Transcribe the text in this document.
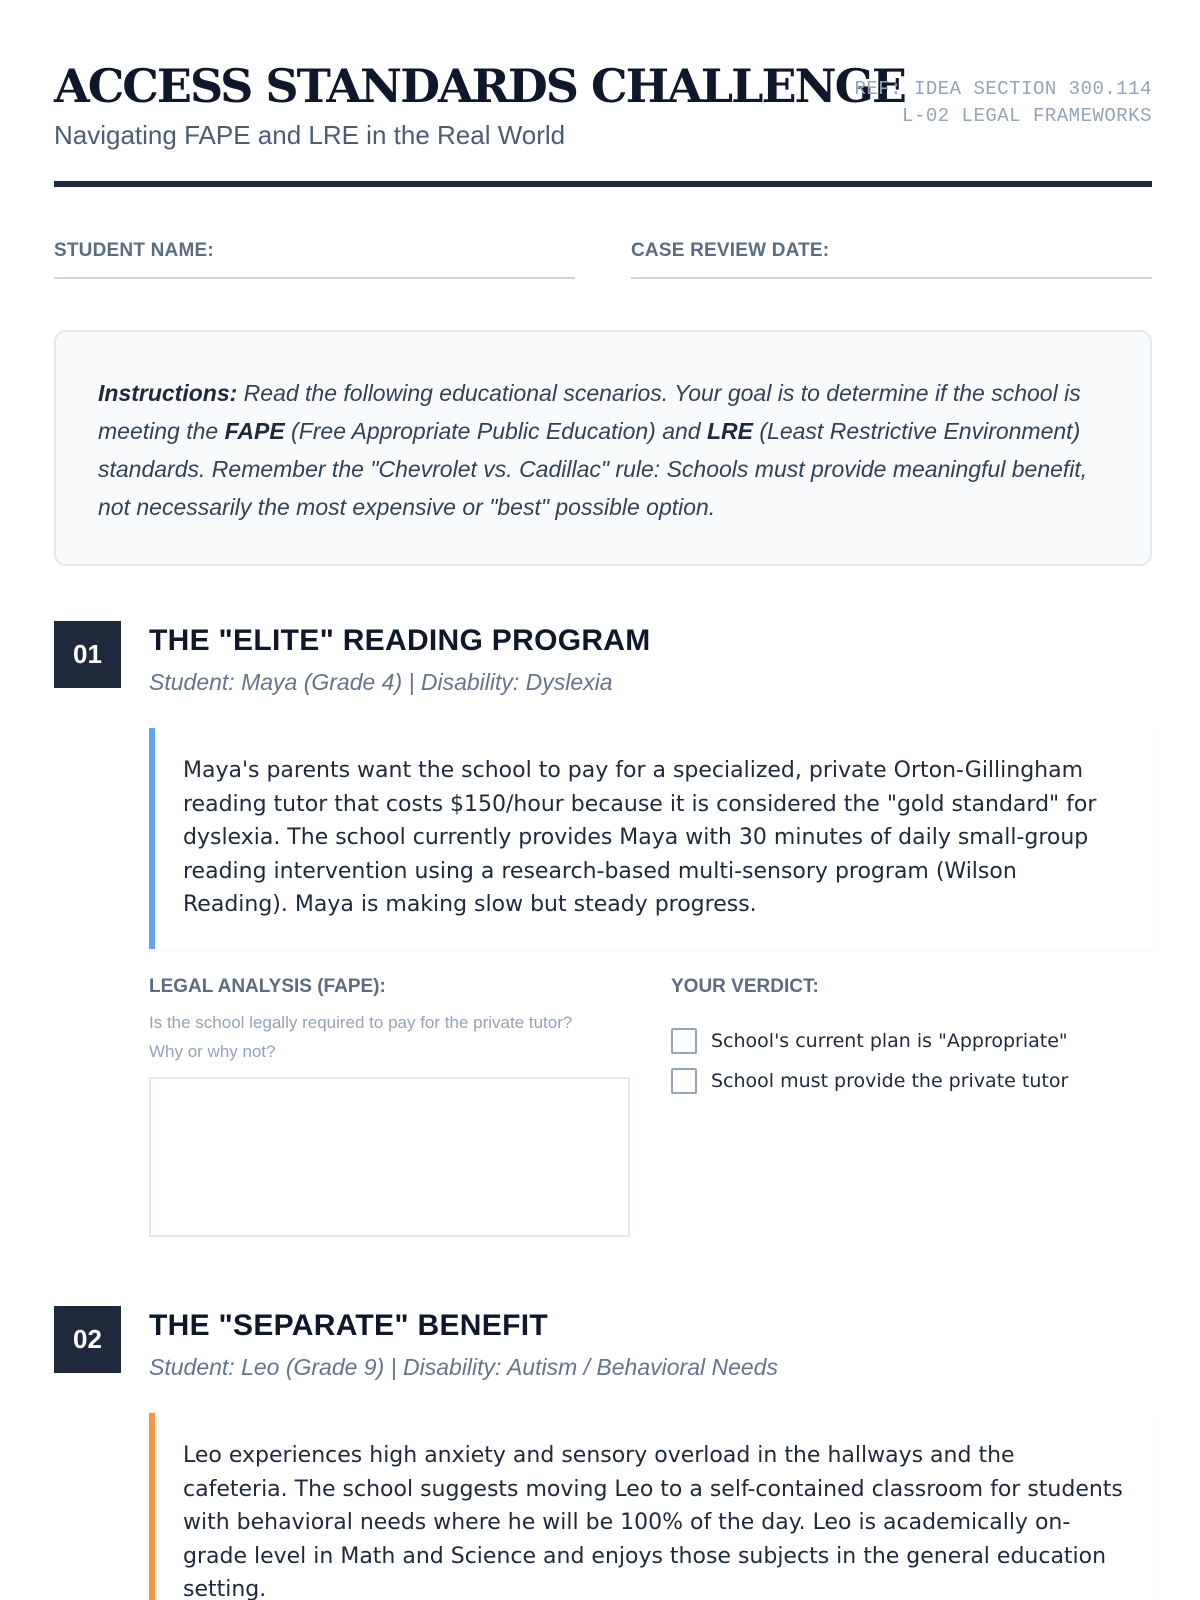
ACCESS STANDARDS CHALLENGE
Navigating FAPE and LRE in the Real World
REF: IDEA SECTION 300.114
L-02 LEGAL FRAMEWORKS
STUDENT NAME:	CASE REVIEW DATE:
Instructions: Read the following educational scenarios. Your goal is to determine if the school is meeting the FAPE (Free Appropriate Public Education) and LRE (Least Restrictive Environment) standards. Remember the "Chevrolet vs. Cadillac" rule: Schools must provide meaningful benefit, not necessarily the most expensive or "best" possible option.
01	THE "ELITE" READING PROGRAM
Student: Maya (Grade 4) | Disability: Dyslexia
Maya's parents want the school to pay for a specialized, private Orton-Gillingham reading tutor that costs $150/hour because it is considered the "gold standard" for dyslexia. The school currently provides Maya with 30 minutes of daily small-group reading intervention using a research-based multi-sensory program (Wilson Reading). Maya is making slow but steady progress.
LEGAL ANALYSIS (FAPE):
Is the school legally required to pay for the private tutor? Why or why not?
YOUR VERDICT:
School's current plan is "Appropriate"
School must provide the private tutor
02	THE "SEPARATE" BENEFIT
Student: Leo (Grade 9) | Disability: Autism / Behavioral Needs
Leo experiences high anxiety and sensory overload in the hallways and the cafeteria. The school suggests moving Leo to a self-contained classroom for students with behavioral needs where he will be 100% of the day. Leo is academically on-grade level in Math and Science and enjoys those subjects in the general education setting.
